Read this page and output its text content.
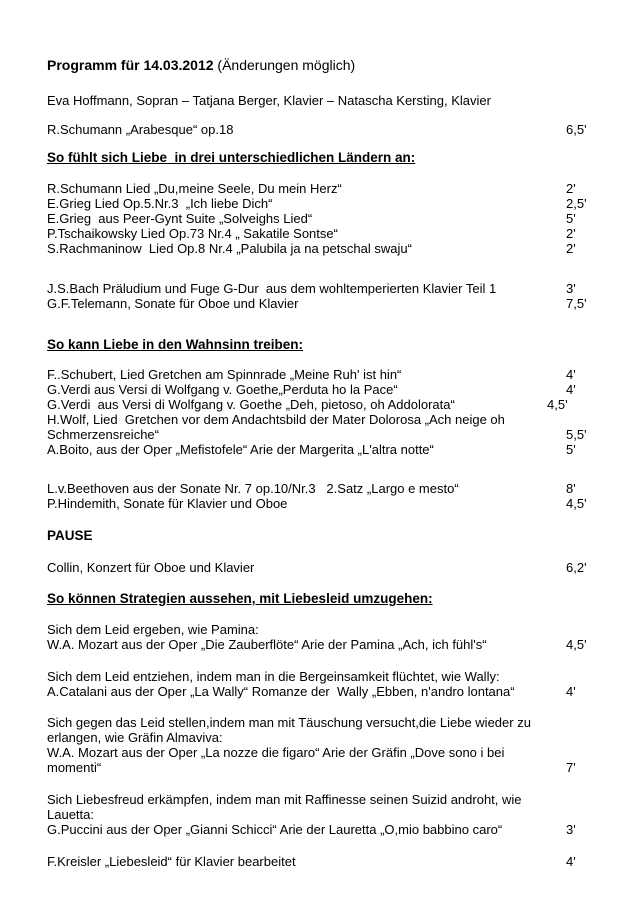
Programm für 14.03.2012 (Änderungen möglich)
Eva Hoffmann, Sopran – Tatjana Berger, Klavier – Natascha Kersting, Klavier
R.Schumann „Arabesque“ op.18	6,5'
So fühlt sich Liebe  in drei unterschiedlichen Ländern an:
R.Schumann Lied „Du,meine Seele, Du mein Herz“	2'
E.Grieg Lied Op.5.Nr.3  „Ich liebe Dich“	2,5'
E.Grieg  aus Peer-Gynt Suite „Solveighs Lied“	5'
P.Tschaikowsky Lied Op.73 Nr.4 „ Sakatile Sontse“	2'
S.Rachmaninow  Lied Op.8 Nr.4 „Palubila ja na petschal swaju“	2'
J.S.Bach Präludium und Fuge G-Dur  aus dem wohltemperierten Klavier Teil 1	3'
G.F.Telemann, Sonate für Oboe und Klavier	7,5'
So kann Liebe in den Wahnsinn treiben:
F..Schubert, Lied Gretchen am Spinnrade „Meine Ruh' ist hin“	4'
G.Verdi aus Versi di Wolfgang v. Goethe„Perduta ho la Pace“	4'
G.Verdi  aus Versi di Wolfgang v. Goethe „Deh, pietoso, oh Addolorata“	4,5'
H.Wolf, Lied  Gretchen vor dem Andachtsbild der Mater Dolorosa „Ach neige oh
Schmerzensreiche“	5,5'
A.Boito, aus der Oper „Mefistofele“ Arie der Margerita „L'altra notte“	5'
L.v.Beethoven aus der Sonate Nr. 7 op.10/Nr.3   2.Satz „Largo e mesto“	8'
P.Hindemith, Sonate für Klavier und Oboe	4,5'
PAUSE
Collin, Konzert für Oboe und Klavier	6,2'
So können Strategien aussehen, mit Liebesleid umzugehen:
Sich dem Leid ergeben, wie Pamina:
W.A. Mozart aus der Oper „Die Zauberflöte“ Arie der Pamina „Ach, ich fühl's“	4,5'
Sich dem Leid entziehen, indem man in die Bergeinsamkeit flüchtet, wie Wally:
A.Catalani aus der Oper „La Wally“ Romanze der  Wally „Ebben, n'andro lontana“	4'
Sich gegen das Leid stellen,indem man mit Täuschung versucht,die Liebe wieder zu
erlangen, wie Gräfin Almaviva:
W.A. Mozart aus der Oper „La nozze die figaro“ Arie der Gräfin „Dove sono i bei
momenti“	7'
Sich Liebesfreud erkämpfen, indem man mit Raffinesse seinen Suizid androht, wie
Lauetta:
G.Puccini aus der Oper „Gianni Schicci“ Arie der Lauretta „O,mio babbino caro“	3'
F.Kreisler „Liebesleid“ für Klavier bearbeitet	4'
